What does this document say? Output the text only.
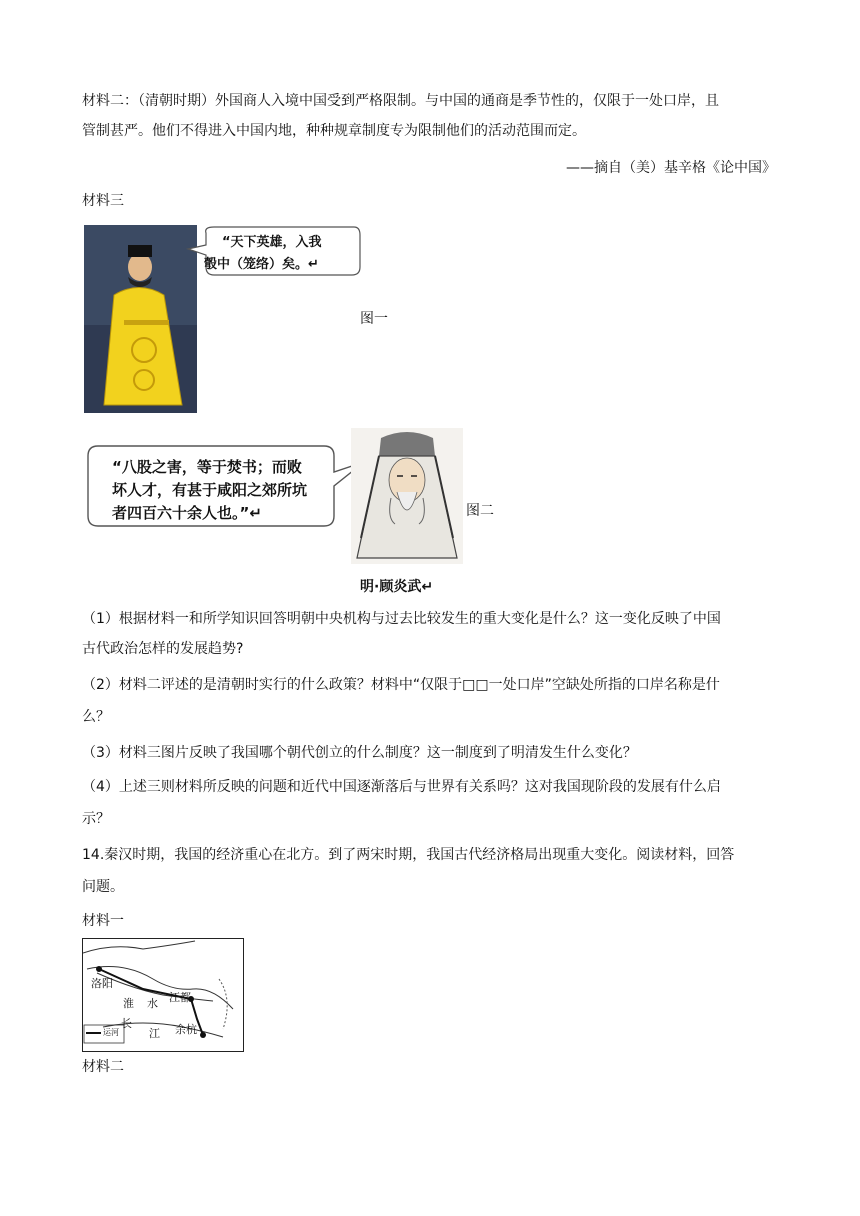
材料二：（清朝时期）外国商人入境中国受到严格限制。与中国的通商是季节性的，仅限于一处口岸，且

管制甚严。他们不得进入中国内地，种种规章制度专为限制他们的活动范围而定。

——摘自（美）基辛格《论中国》

材料三

“天下英雄，入我
彀中（笼络）矣。↵
图一
“八股之害，等于焚书；而败
坏人才，有甚于咸阳之郊所坑
者四百六十余人也。”↵	图二
明·顾炎武↵

（1）根据材料一和所学知识回答明朝中央机构与过去比较发生的重大变化是什么？这一变化反映了中国

古代政治怎样的发展趋势?

（2）材料二评述的是清朝时实行的什么政策？材料中“仅限于□□一处口岸”空缺处所指的口岸名称是什

么？

（3）材料三图片反映了我国哪个朝代创立的什么制度？这一制度到了明清发生什么变化？

（4）上述三则材料所反映的问题和近代中国逐渐落后与世界有关系吗？这对我国现阶段的发展有什么启

示？

14.秦汉时期，我国的经济重心在北方。到了两宋时期，我国古代经济格局出现重大变化。阅读材料，回答

问题。

材料一

洛阳
淮 水 江都
长
江 余杭
运河

材料二
